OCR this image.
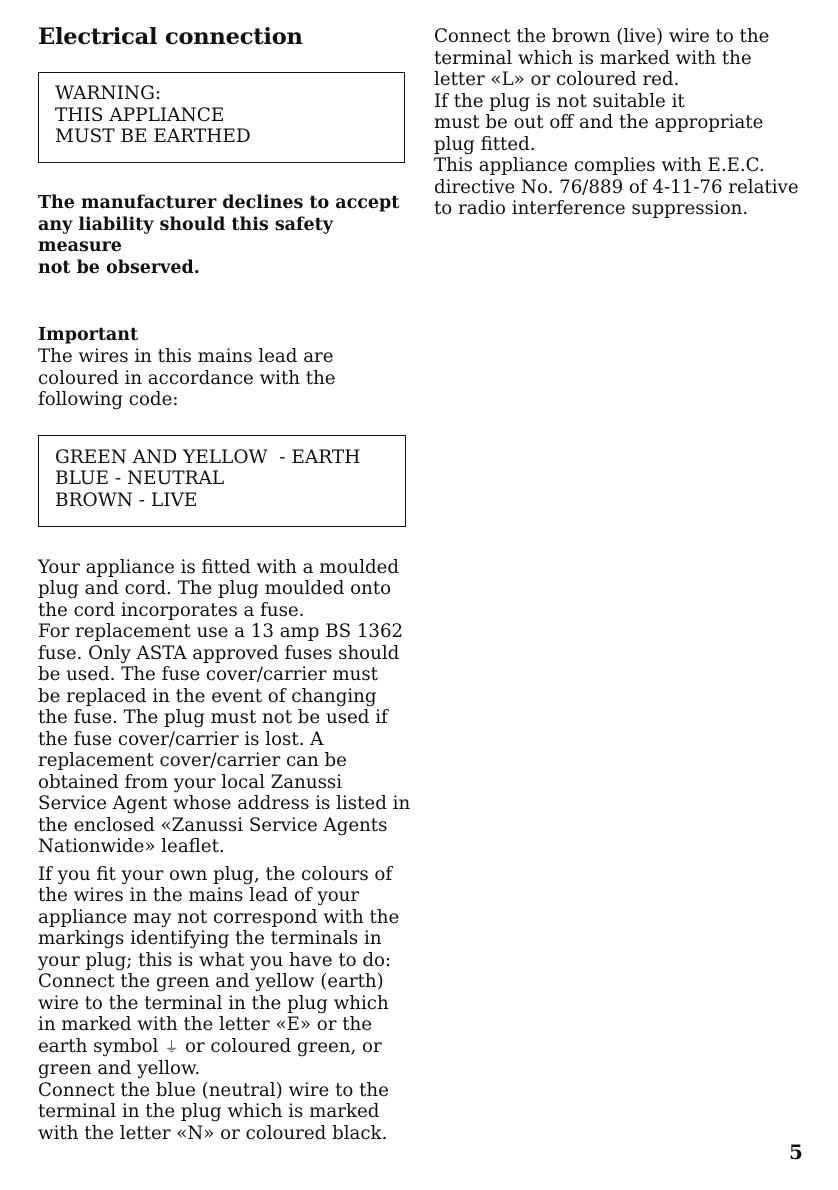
Electrical connection
WARNING:
THIS APPLIANCE
MUST BE EARTHED
The manufacturer declines to accept
any liability should this safety measure
not be observed.
Important
The wires in this mains lead are
coloured in accordance with the
following code:
GREEN AND YELLOW  - EARTH
BLUE - NEUTRAL
BROWN - LIVE
Your appliance is fitted with a moulded
plug and cord. The plug moulded onto
the cord incorporates a fuse.
For replacement use a 13 amp BS 1362
fuse. Only ASTA approved fuses should
be used. The fuse cover/carrier must
be replaced in the event of changing
the fuse. The plug must not be used if
the fuse cover/carrier is lost. A
replacement cover/carrier can be
obtained from your local Zanussi
Service Agent whose address is listed in
the enclosed «Zanussi Service Agents
Nationwide» leaflet.
If you fit your own plug, the colours of
the wires in the mains lead of your
appliance may not correspond with the
markings identifying the terminals in
your plug; this is what you have to do:
Connect the green and yellow (earth)
wire to the terminal in the plug which
in marked with the letter «E» or the
earth symbol ⏚ or coloured green, or
green and yellow.
Connect the blue (neutral) wire to the
terminal in the plug which is marked
with the letter «N» or coloured black.
Connect the brown (live) wire to the
terminal which is marked with the
letter «L» or coloured red.
If the plug is not suitable it
must be out off and the appropriate
plug fitted.
This appliance complies with E.E.C.
directive No. 76/889 of 4-11-76 relative
to radio interference suppression.
5
